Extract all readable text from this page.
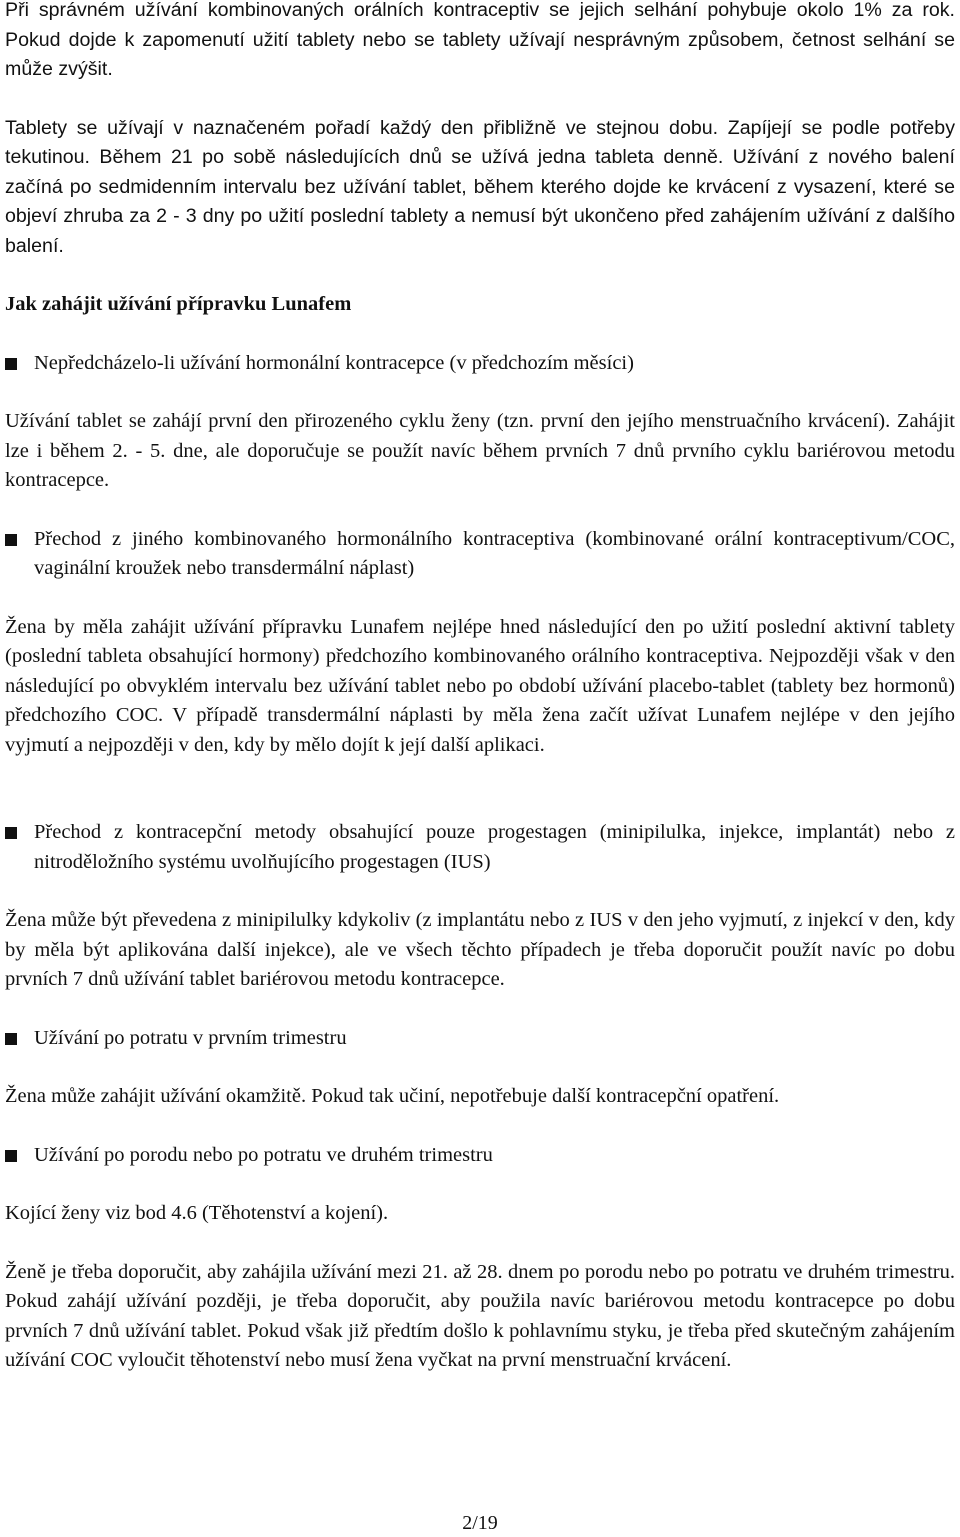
Při správném užívání kombinovaných orálních kontraceptiv se jejich selhání pohybuje okolo 1% za rok. Pokud dojde k zapomenutí užití tablety nebo se tablety užívají nesprávným způsobem, četnost selhání se může zvýšit.

Tablety se užívají v naznačeném pořadí každý den přibližně ve stejnou dobu. Zapíjejí se podle potřeby tekutinou. Během 21 po sobě následujících dnů se užívá jedna tableta denně. Užívání z nového balení začíná po sedmidenním intervalu bez užívání tablet, během kterého dojde ke krvácení z vysazení, které se objeví zhruba za 2 - 3 dny po užití poslední tablety a nemusí být ukončeno před zahájením užívání z dalšího balení.

Jak zahájit užívání přípravku Lunafem

Nepředcházelo-li užívání hormonální kontracepce (v předchozím měsíci)

Užívání tablet se zahájí první den přirozeného cyklu ženy (tzn. první den jejího menstruačního krvácení). Zahájit lze i během 2. - 5. dne, ale doporučuje se použít navíc během prvních 7 dnů prvního cyklu bariérovou metodu kontracepce.

Přechod z jiného kombinovaného hormonálního kontraceptiva (kombinované orální kontraceptivum/COC, vaginální kroužek nebo transdermální náplast)

Žena by měla zahájit užívání přípravku Lunafem nejlépe hned následující den po užití poslední aktivní tablety (poslední tableta obsahující hormony) předchozího kombinovaného orálního kontraceptiva. Nejpozději však v den následující po obvyklém intervalu bez užívání tablet nebo po období užívání placebo-tablet (tablety bez hormonů) předchozího COC. V případě transdermální náplasti by měla žena začít užívat Lunafem nejlépe v den jejího vyjmutí a nejpozději v den, kdy by mělo dojít k její další aplikaci.

Přechod z kontracepční metody obsahující pouze progestagen (minipilulka, injekce, implantát) nebo z nitroděložního systému uvolňujícího progestagen (IUS)

Žena může být převedena z minipilulky kdykoliv (z implantátu nebo z IUS v den jeho vyjmutí, z injekcí v den, kdy by měla být aplikována další injekce), ale ve všech těchto případech je třeba doporučit použít navíc po dobu prvních 7 dnů užívání tablet bariérovou metodu kontracepce.

Užívání po potratu v prvním trimestru

Žena může zahájit užívání okamžitě. Pokud tak učiní, nepotřebuje další kontracepční opatření.

Užívání po porodu nebo po potratu ve druhém trimestru

Kojící ženy viz bod 4.6 (Těhotenství a kojení).

Ženě je třeba doporučit, aby zahájila užívání mezi 21. až 28. dnem po porodu nebo po potratu ve druhém trimestru. Pokud zahájí užívání později, je třeba doporučit, aby použila navíc bariérovou metodu kontracepce po dobu prvních 7 dnů užívání tablet. Pokud však již předtím došlo k pohlavnímu styku, je třeba před skutečným zahájením užívání COC vyloučit těhotenství nebo musí žena vyčkat na první menstruační krvácení.

2/19
